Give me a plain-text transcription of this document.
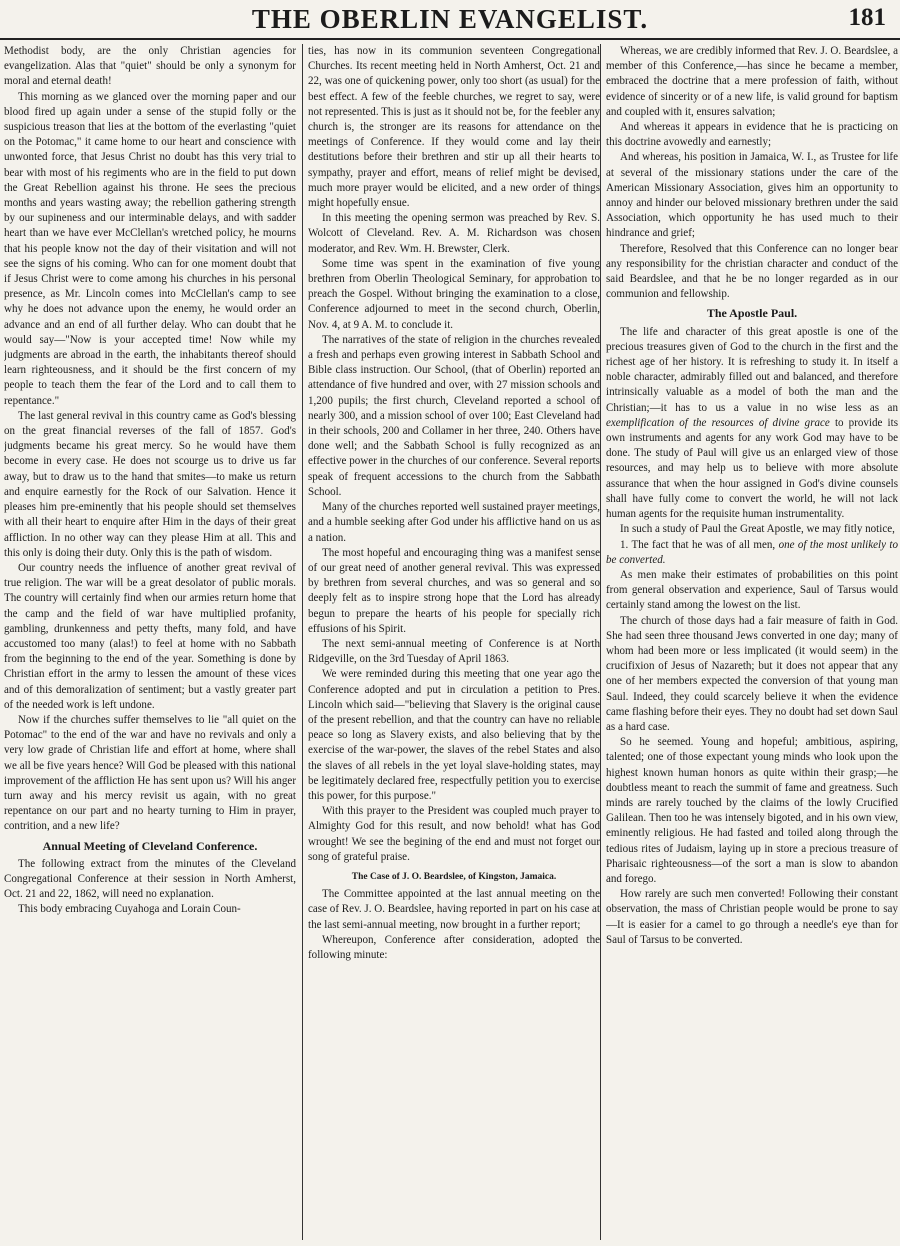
THE OBERLIN EVANGELIST.	181

Methodist body, are the only Christian agencies for evangelization. Alas that "quiet" should be only a synonym for moral and eternal death!

This morning as we glanced over the morning paper and our blood fired up again under a sense of the stupid folly or the suspicious treason that lies at the bottom of the everlasting "quiet on the Potomac," it came home to our heart and conscience with unwonted force, that Jesus Christ no doubt has this very trial to bear with most of his regiments who are in the field to put down the Great Rebellion against his throne. He sees the precious months and years wasting away; the rebellion gathering strength by our supineness and our interminable delays, and with sadder heart than we have ever McClellan's wretched policy, he mourns that his people know not the day of their visitation and will not see the signs of his coming. Who can for one moment doubt that if Jesus Christ were to come among his churches in his personal presence, as Mr. Lincoln comes into McClellan's camp to see why he does not advance upon the enemy, he would order an advance and an end of all further delay. Who can doubt that he would say—"Now is your accepted time! Now while my judgments are abroad in the earth, the inhabitants thereof should learn righteousness, and it should be the first concern of my people to teach them the fear of the Lord and to call them to repentance."

The last general revival in this country came as God's blessing on the great financial reverses of the fall of 1857. God's judgments became his great mercy. So he would have them become in every case. He does not scourge us to drive us far away, but to draw us to the hand that smites—to make us return and enquire earnestly for the Rock of our Salvation. Hence it pleases him pre-eminently that his people should set themselves with all their heart to enquire after Him in the days of their great affliction. In no other way can they please Him at all. This and this only is doing their duty. Only this is the path of wisdom.

Our country needs the influence of another great revival of true religion. The war will be a great desolator of public morals. The country will certainly find when our armies return home that the camp and the field of war have multiplied profanity, gambling, drunkenness and petty thefts, many fold, and have accustomed too many (alas!) to feel at home with no Sabbath from the beginning to the end of the year. Something is done by Christian effort in the army to lessen the amount of these vices and of this demoralization of sentiment; but a vastly greater part of the needed work is left undone.

Now if the churches suffer themselves to lie "all quiet on the Potomac" to the end of the war and have no revivals and only a very low grade of Christian life and effort at home, where shall we all be five years hence? Will God be pleased with this national improvement of the affliction He has sent upon us? Will his anger turn away and his mercy revisit us again, with no great repentance on our part and no hearty turning to Him in prayer, contrition, and a new life?

Annual Meeting of Cleveland Conference.

The following extract from the minutes of the Cleveland Congregational Conference at their session in North Amherst, Oct. 21 and 22, 1862, will need no explanation.

This body embracing Cuyahoga and Lorain Coun-

ties, has now in its communion seventeen Congregational Churches. Its recent meeting held in North Amherst, Oct. 21 and 22, was one of quickening power, only too short (as usual) for the best effect. A few of the feeble churches, we regret to say, were not represented. This is just as it should not be, for the feebler any church is, the stronger are its reasons for attendance on the meetings of Conference. If they would come and lay their destitutions before their brethren and stir up all their hearts to sympathy, prayer and effort, means of relief might be devised, much more prayer would be elicited, and a new order of things might hopefully ensue.

In this meeting the opening sermon was preached by Rev. S. Wolcott of Cleveland. Rev. A. M. Richardson was chosen moderator, and Rev. Wm. H. Brewster, Clerk.

Some time was spent in the examination of five young brethren from Oberlin Theological Seminary, for approbation to preach the Gospel. Without bringing the examination to a close, Conference adjourned to meet in the second church, Oberlin, Nov. 4, at 9 A. M. to conclude it.

The narratives of the state of religion in the churches revealed a fresh and perhaps even growing interest in Sabbath School and Bible class instruction. Our School, (that of Oberlin) reported an attendance of five hundred and over, with 27 mission schools and 1,200 pupils; the first church, Cleveland reported a school of nearly 300, and a mission school of over 100; East Cleveland had in their schools, 200 and Collamer in her three, 240. Others have done well; and the Sabbath School is fully recognized as an effective power in the churches of our conference. Several reports speak of frequent accessions to the church from the Sabbath School.

Many of the churches reported well sustained prayer meetings, and a humble seeking after God under his afflictive hand on us as a nation.

The most hopeful and encouraging thing was a manifest sense of our great need of another general revival. This was expressed by brethren from several churches, and was so general and so deeply felt as to inspire strong hope that the Lord has already begun to prepare the hearts of his people for specially rich effusions of his Spirit.

The next semi-annual meeting of Conference is at North Ridgeville, on the 3rd Tuesday of April 1863.

We were reminded during this meeting that one year ago the Conference adopted and put in circulation a petition to Pres. Lincoln which said—"believing that Slavery is the original cause of the present rebellion, and that the country can have no reliable peace so long as Slavery exists, and also believing that by the exercise of the war-power, the slaves of the rebel States and also the slaves of all rebels in the yet loyal slave-holding states, may be legitimately declared free, respectfully petition you to exercise this power, for this purpose."

With this prayer to the President was coupled much prayer to Almighty God for this result, and now behold! what has God wrought! We see the begining of the end and must not forget our song of grateful praise.

The Case of J. O. Beardslee, of Kingston, Jamaica.

The Committee appointed at the last annual meeting on the case of Rev. J. O. Beardslee, having reported in part on his case at the last semi-annual meeting, now brought in a further report;

Whereupon, Conference after consideration, adopted the following minute:

Whereas, we are credibly informed that Rev. J. O. Beardslee, a member of this Conference,—has since he became a member, embraced the doctrine that a mere profession of faith, without evidence of sincerity or of a new life, is valid ground for baptism and coupled with it, ensures salvation;

And whereas it appears in evidence that he is practicing on this doctrine avowedly and earnestly;

And whereas, his position in Jamaica, W. I., as Trustee for life at several of the missionary stations under the care of the American Missionary Association, gives him an opportunity to annoy and hinder our beloved missionary brethren under the said Association, which opportunity he has used much to their hindrance and grief;

Therefore, Resolved that this Conference can no longer bear any responsibility for the christian character and conduct of the said Beardslee, and that he be no longer regarded as in our communion and fellowship.

The Apostle Paul.

The life and character of this great apostle is one of the precious treasures given of God to the church in the first and the richest age of her history. It is refreshing to study it. In itself a noble character, admirably filled out and balanced, and therefore intrinsically valuable as a model of both the man and the Christian;—it has to us a value in no wise less as an exemplification of the resources of divine grace to provide its own instruments and agents for any work God may have to be done. The study of Paul will give us an enlarged view of those resources, and may help us to believe with more absolute assurance that when the hour assigned in God's divine counsels shall have fully come to convert the world, he will not lack human agents for the requisite human instrumentality.

In such a study of Paul the Great Apostle, we may fitly notice,

1. The fact that he was of all men, one of the most unlikely to be converted.

As men make their estimates of probabilities on this point from general observation and experience, Saul of Tarsus would certainly stand among the lowest on the list.

The church of those days had a fair measure of faith in God. She had seen three thousand Jews converted in one day; many of whom had been more or less implicated (it would seem) in the crucifixion of Jesus of Nazareth; but it does not appear that any one of her members expected the conversion of that young man Saul. Indeed, they could scarcely believe it when the evidence came flashing before their eyes. They no doubt had set down Saul as a hard case.

So he seemed. Young and hopeful; ambitious, aspiring, talented; one of those expectant young minds who look upon the highest known human honors as quite within their grasp;—he doubtless meant to reach the summit of fame and greatness. Such minds are rarely touched by the claims of the lowly Crucified Galilean. Then too he was intensely bigoted, and in his own view, eminently religious. He had fasted and toiled along through the tedious rites of Judaism, laying up in store a precious treasure of Pharisaic righteousness—of the sort a man is slow to abandon and forego.

How rarely are such men converted! Following their constant observation, the mass of Christian people would be prone to say—It is easier for a camel to go through a needle's eye than for Saul of Tarsus to be converted.
